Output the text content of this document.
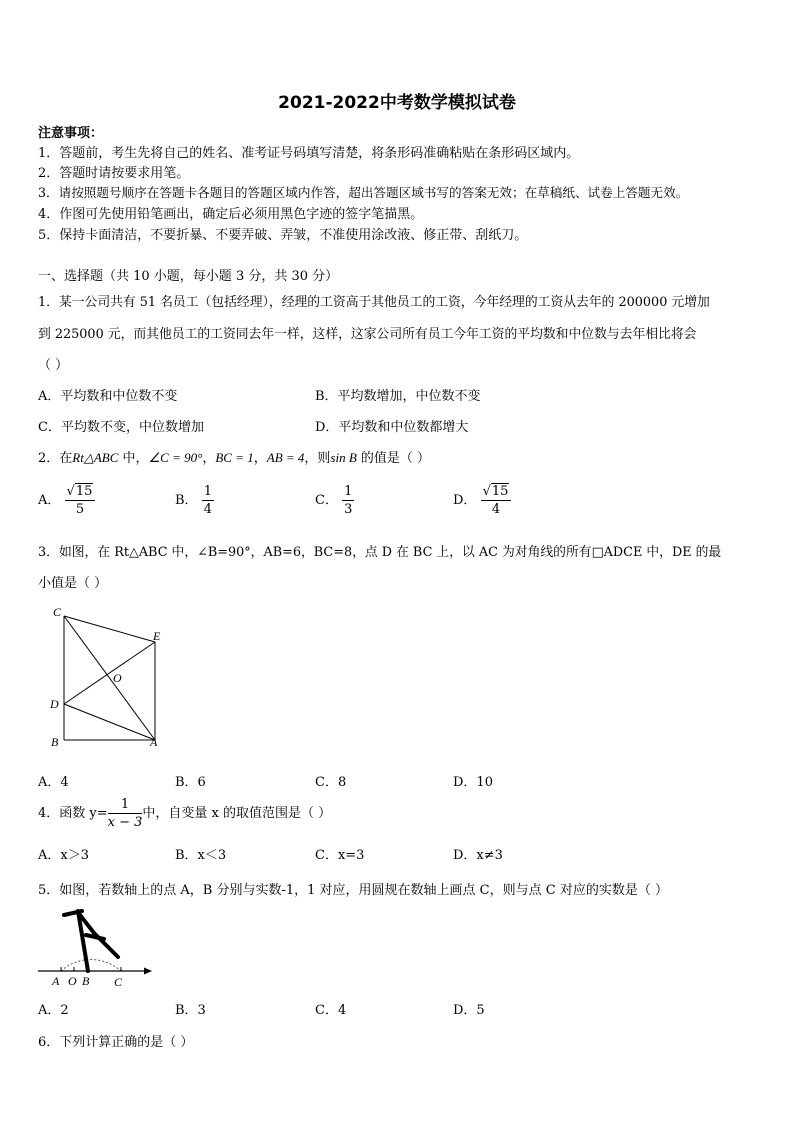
2021-2022中考数学模拟试卷
注意事项：
1．答题前，考生先将自己的姓名、准考证号码填写清楚，将条形码准确粘贴在条形码区域内。
2．答题时请按要求用笔。
3．请按照题号顺序在答题卡各题目的答题区域内作答，超出答题区域书写的答案无效；在草稿纸、试卷上答题无效。
4．作图可先使用铅笔画出，确定后必须用黑色字迹的签字笔描黑。
5．保持卡面清洁，不要折暴、不要弄破、弄皱，不准使用涂改液、修正带、刮纸刀。
一、选择题（共 10 小题，每小题 3 分，共 30 分）
1．某一公司共有 51 名员工（包括经理），经理的工资高于其他员工的工资，今年经理的工资从去年的 200000 元增加
到 225000 元，而其他员工的工资同去年一样，这样，这家公司所有员工今年工资的平均数和中位数与去年相比将会
（ ）
A．平均数和中位数不变	B．平均数增加，中位数不变
C．平均数不变，中位数增加	D．平均数和中位数都增大
2．在Rt△ABC 中，∠C = 90°，BC = 1，AB = 4，则sin B 的值是（ ）
A． $\frac{√15}{5}$	B． $\frac{1}{4}$	C． $\frac{1}{3}$	D． $\frac{√15}{4}$
3．如图，在 Rt△ABC 中，∠B=90°，AB=6，BC=8，点 D 在 BC 上，以 AC 为对角线的所有□ADCE 中，DE 的最
小值是（ ）
C
E
O
D
B	A
A．4	B．6	C．8	D．10
4．函数 $y= \frac{1}{x - 3}$ 中，自变量 x 的取值范围是（ ）
A．x＞3	B．x＜3	C．x=3	D．x≠3
5．如图，若数轴上的点 A，B 分别与实数-1，1 对应，用圆规在数轴上画点 C，则与点 C 对应的实数是（ ）
A O B C
A．2	B．3	C．4	D．5
6．下列计算正确的是（ ）
